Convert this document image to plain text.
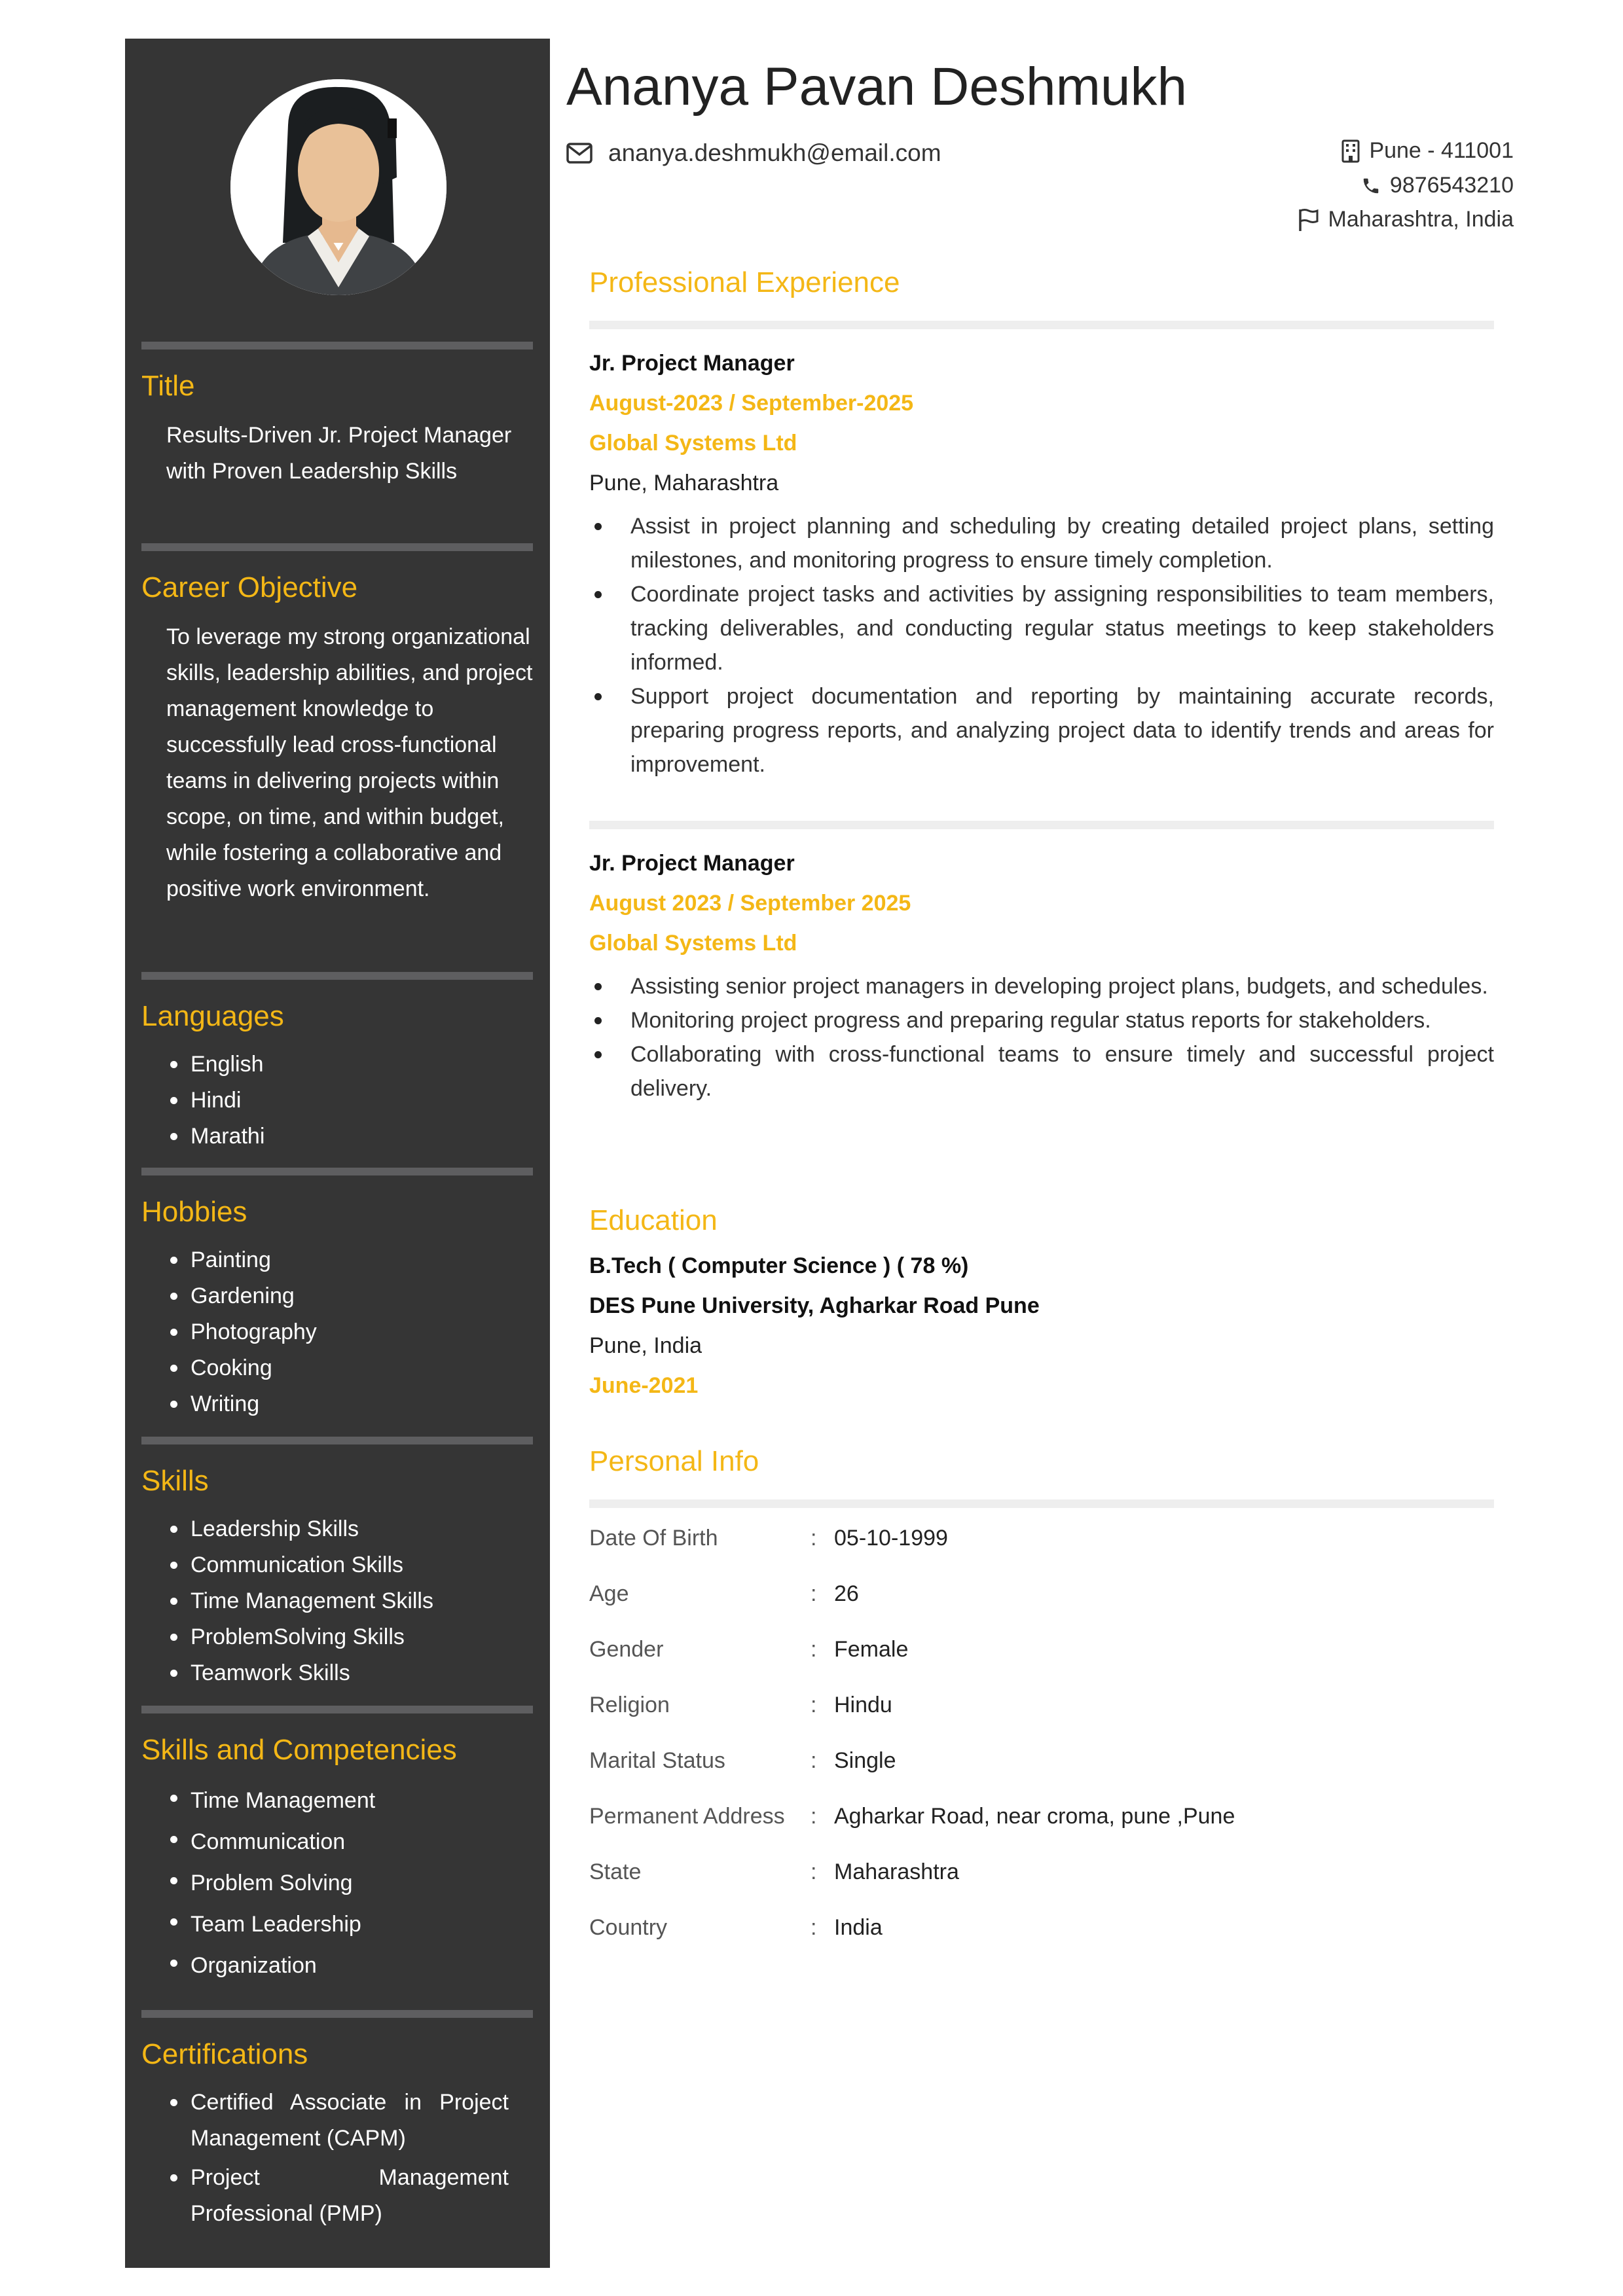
Title
Results-Driven Jr. Project Manager with Proven Leadership Skills
Career Objective
To leverage my strong organizational skills, leadership abilities, and project management knowledge to successfully lead cross-functional teams in delivering projects within scope, on time, and within budget, while fostering a collaborative and positive work environment.
Languages
English
Hindi
Marathi
Hobbies
Painting
Gardening
Photography
Cooking
Writing
Skills
Leadership Skills
Communication Skills
Time Management Skills
ProblemSolving Skills
Teamwork Skills
Skills and Competencies
Time Management
Communication
Problem Solving
Team Leadership
Organization
Certifications
Certified Associate in Project Management (CAPM)
Project Management Professional (PMP)
Ananya Pavan Deshmukh
ananya.deshmukh@email.com	Pune - 411001
9876543210
Maharashtra, India
Professional Experience
Jr. Project Manager
August-2023 / September-2025
Global Systems Ltd
Pune, Maharashtra
Assist in project planning and scheduling by creating detailed project plans, setting milestones, and monitoring progress to ensure timely completion.
Coordinate project tasks and activities by assigning responsibilities to team members, tracking deliverables, and conducting regular status meetings to keep stakeholders informed.
Support project documentation and reporting by maintaining accurate records, preparing progress reports, and analyzing project data to identify trends and areas for improvement.
Jr. Project Manager
August 2023 / September 2025
Global Systems Ltd
Assisting senior project managers in developing project plans, budgets, and schedules.
Monitoring project progress and preparing regular status reports for stakeholders.
Collaborating with cross-functional teams to ensure timely and successful project delivery.
Education
B.Tech ( Computer Science ) ( 78 %)
DES Pune University, Agharkar Road Pune
Pune, India
June-2021
Personal Info
Date Of Birth	: 05-10-1999
Age	: 26
Gender	: Female
Religion	: Hindu
Marital Status	: Single
Permanent Address	: Agharkar Road, near croma, pune ,Pune
State	: Maharashtra
Country	: India
